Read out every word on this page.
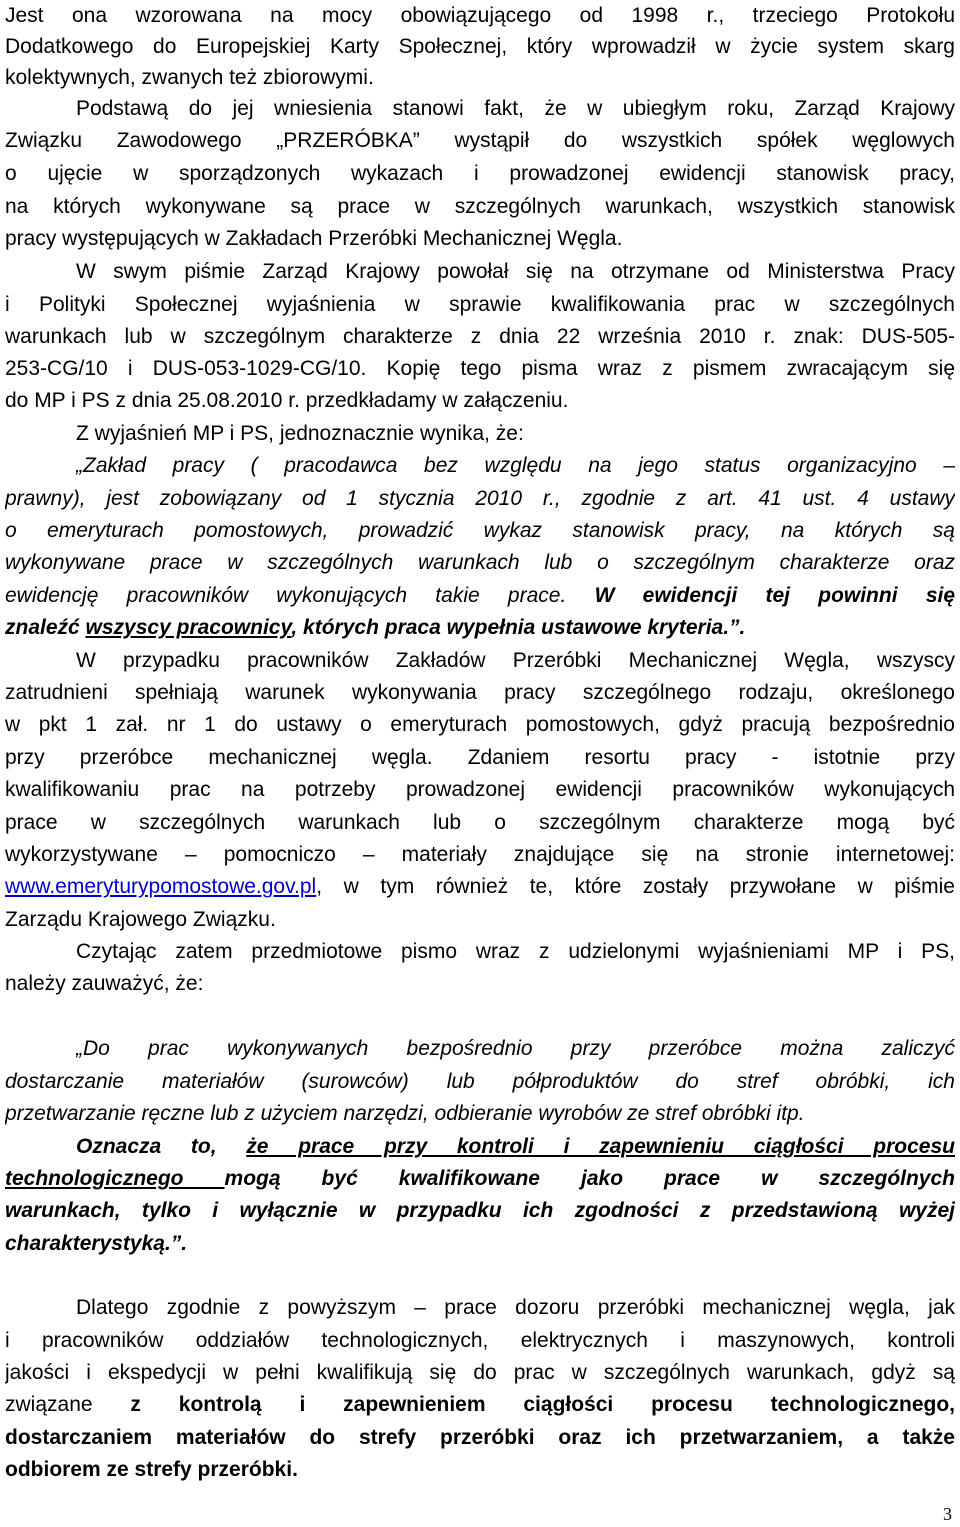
Jest ona wzorowana na mocy obowiązującego od 1998 r., trzeciego Protokołu
Dodatkowego do Europejskiej Karty Społecznej, który wprowadził w życie system skarg
kolektywnych, zwanych też zbiorowymi.
Podstawą do jej wniesienia stanowi fakt, że w ubiegłym roku, Zarząd Krajowy
Związku Zawodowego „PRZERÓBKA” wystąpił do wszystkich spółek węglowych
o ujęcie w sporządzonych wykazach i prowadzonej ewidencji stanowisk pracy,
na których wykonywane są prace w szczególnych warunkach, wszystkich stanowisk
pracy występujących w Zakładach Przeróbki Mechanicznej Węgla.
W swym piśmie Zarząd Krajowy powołał się na otrzymane od Ministerstwa Pracy
i Polityki Społecznej wyjaśnienia w sprawie kwalifikowania prac w szczególnych
warunkach lub w szczególnym charakterze z dnia 22 września 2010 r. znak: DUS-505-
253-CG/10 i DUS-053-1029-CG/10. Kopię tego pisma wraz z pismem zwracającym się
do MP i PS z dnia 25.08.2010 r. przedkładamy w załączeniu.
Z wyjaśnień MP i PS, jednoznacznie wynika, że:
„Zakład pracy ( pracodawca bez względu na jego status organizacyjno –
prawny), jest zobowiązany od 1 stycznia 2010 r., zgodnie z art. 41 ust. 4 ustawy
o emeryturach pomostowych, prowadzić wykaz stanowisk pracy, na których są
wykonywane prace w szczególnych warunkach lub o szczególnym charakterze oraz
ewidencję pracowników wykonujących takie prace. W ewidencji tej powinni się
znaleźć wszyscy pracownicy, których praca wypełnia ustawowe kryteria.”.
W przypadku pracowników Zakładów Przeróbki Mechanicznej Węgla, wszyscy
zatrudnieni spełniają warunek wykonywania pracy szczególnego rodzaju, określonego
w pkt 1 zał. nr 1 do ustawy o emeryturach pomostowych, gdyż pracują bezpośrednio
przy przeróbce mechanicznej węgla. Zdaniem resortu pracy - istotnie przy
kwalifikowaniu prac na potrzeby prowadzonej ewidencji pracowników wykonujących
prace w szczególnych warunkach lub o szczególnym charakterze mogą być
wykorzystywane – pomocniczo – materiały znajdujące się na stronie internetowej:
www.emeryturypomostowe.gov.pl, w tym również te, które zostały przywołane w piśmie
Zarządu Krajowego Związku.
Czytając zatem przedmiotowe pismo wraz z udzielonymi wyjaśnieniami MP i PS,
należy zauważyć, że:
„Do prac wykonywanych bezpośrednio przy przeróbce można zaliczyć
dostarczanie materiałów (surowców) lub półproduktów do stref obróbki, ich
przetwarzanie ręczne lub z użyciem narzędzi, odbieranie wyrobów ze stref obróbki itp.
Oznacza to, że prace przy kontroli i zapewnieniu ciągłości procesu
technologicznego mogą być kwalifikowane jako prace w szczególnych
warunkach, tylko i wyłącznie w przypadku ich zgodności z przedstawioną wyżej
charakterystyką.”.
Dlatego zgodnie z powyższym – prace dozoru przeróbki mechanicznej węgla, jak
i pracowników oddziałów technologicznych, elektrycznych i maszynowych, kontroli
jakości i ekspedycji w pełni kwalifikują się do prac w szczególnych warunkach, gdyż są
związane z kontrolą i zapewnieniem ciągłości procesu technologicznego,
dostarczaniem materiałów do strefy przeróbki oraz ich przetwarzaniem, a także
odbiorem ze strefy przeróbki.
3
